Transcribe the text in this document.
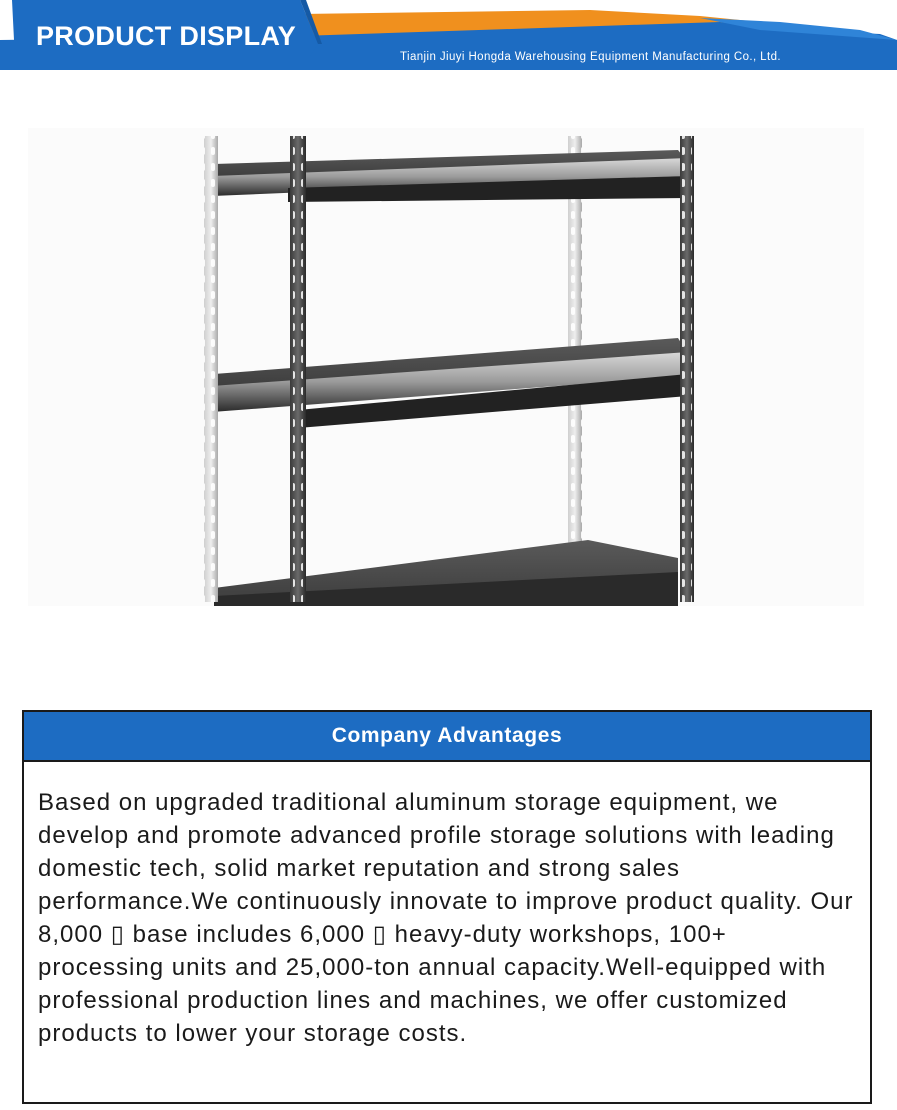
PRODUCT DISPLAY
Tianjin Jiuyi Hongda Warehousing Equipment Manufacturing Co., Ltd.
Company Advantages
Based on upgraded traditional aluminum storage equipment, we develop and promote advanced profile storage solutions with leading domestic tech, solid market reputation and strong sales performance.We continuously innovate to improve product quality. Our 8,000 ▯ base includes 6,000 ▯ heavy-duty workshops, 100+ processing units and 25,000-ton annual capacity.Well-equipped with professional production lines and machines, we offer customized products to lower your storage costs.
